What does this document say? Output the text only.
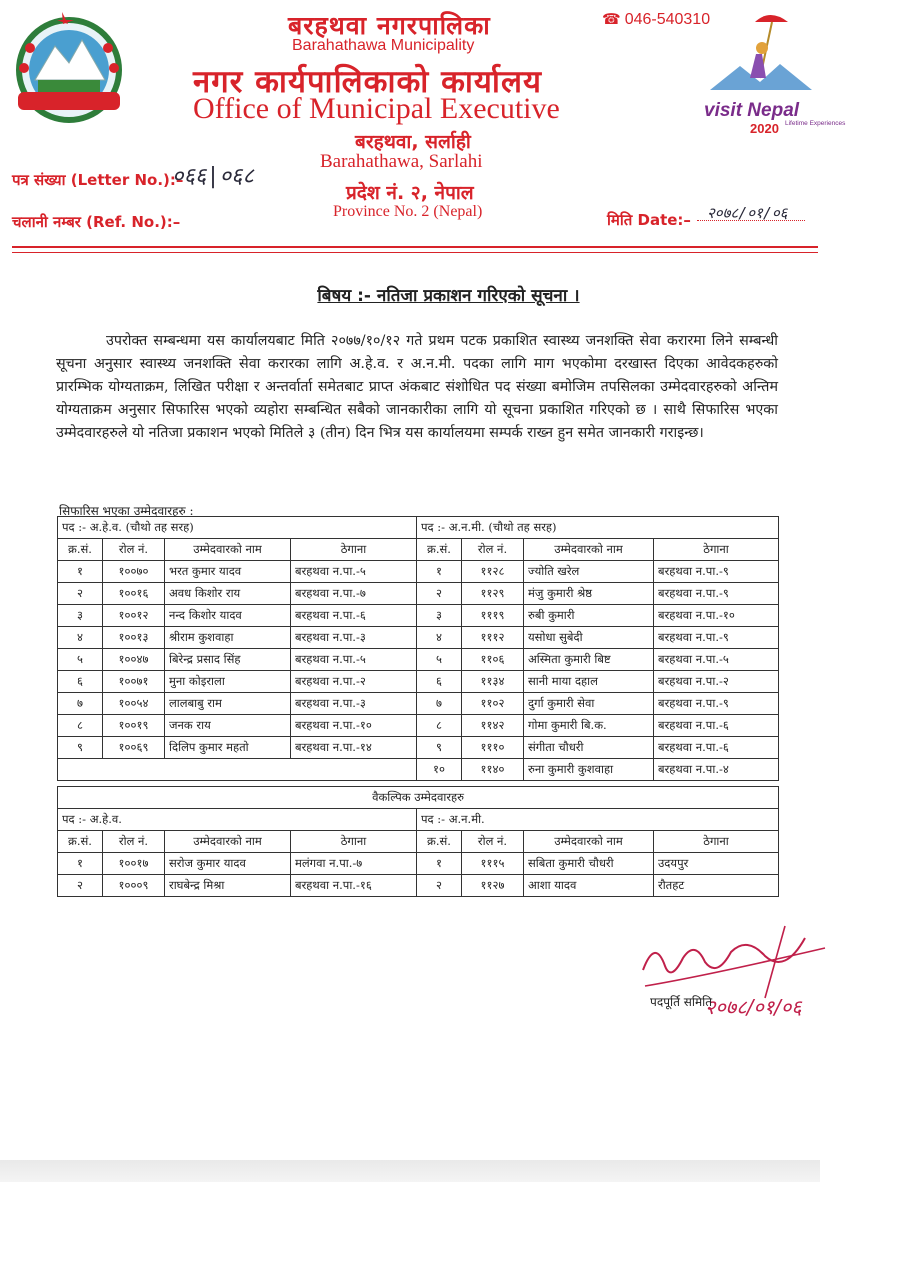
बरहथवा नगरपालिका
Barahathawa Municipality
नगर कार्यपालिकाको कार्यालय
Office of Municipal Executive
बरहथवा, सर्लाही
Barahathawa, Sarlahi
प्रदेश नं. २, नेपाल
Province No. 2 (Nepal)
☎ 046-540310
visit Nepal
2020 Lifetime Experiences
पत्र संख्या (Letter No.):–
०६६|०६८
चलानी नम्बर (Ref. No.):–	मिति Date:– २०७८/०१/०६
बिषय :- नतिजा प्रकाशन गरिएको सूचना ।
उपरोक्त सम्बन्धमा यस कार्यालयबाट मिति २०७७/१०/१२ गते प्रथम पटक प्रकाशित स्वास्थ्य जनशक्ति सेवा करारमा लिने सम्बन्धी सूचना अनुसार स्वास्थ्य जनशक्ति सेवा करारका लागि अ.हे.व. र अ.न.मी. पदका लागि माग भएकोमा दरखास्त दिएका आवेदकहरुको प्रारम्भिक योग्यताक्रम, लिखित परीक्षा र अन्तर्वार्ता समेतबाट प्राप्त अंकबाट संशोधित पद संख्या बमोजिम तपसिलका उम्मेदवारहरुको अन्तिम योग्यताक्रम अनुसार सिफारिस भएको व्यहोरा सम्बन्धित सबैको जानकारीका लागि यो सूचना प्रकाशित गरिएको छ । साथै सिफारिस भएका उम्मेदवारहरुले यो नतिजा प्रकाशन भएको मितिले ३ (तीन) दिन भित्र यस कार्यालयमा सम्पर्क राख्न हुन समेत जानकारी गराइन्छ।
सिफारिस भएका उम्मेदवारहरु :
पद :- अ.हे.व. (चौथो तह सरह)				पद :- अ.न.मी. (चौथो तह सरह)			
क्र.सं.	रोल नं.	उम्मेदवारको नाम	ठेगाना	क्र.सं.	रोल नं.	उम्मेदवारको नाम	ठेगाना
१	१००७०	भरत कुमार यादव	बरहथवा न.पा.-५	१	११२८	ज्योति खरेल	बरहथवा न.पा.-९
२	१००१६	अवध किशोर राय	बरहथवा न.पा.-७	२	११२९	मंजु कुमारी श्रेष्ठ	बरहथवा न.पा.-९
३	१००१२	नन्द किशोर यादव	बरहथवा न.पा.-६	३	१११९	रुबी कुमारी	बरहथवा न.पा.-१०
४	१००१३	श्रीराम कुशवाहा	बरहथवा न.पा.-३	४	१११२	यसोधा सुबेदी	बरहथवा न.पा.-९
५	१००४७	बिरेन्द्र प्रसाद सिंह	बरहथवा न.पा.-५	५	११०६	अस्मिता कुमारी बिष्ट	बरहथवा न.पा.-५
६	१००७१	मुना कोइराला	बरहथवा न.पा.-२	६	११३४	सानी माया दहाल	बरहथवा न.पा.-२
७	१००५४	लालबाबु राम	बरहथवा न.पा.-३	७	११०२	दुर्गा कुमारी सेवा	बरहथवा न.पा.-९
८	१००१९	जनक राय	बरहथवा न.पा.-१०	८	११४२	गोमा कुमारी बि.क.	बरहथवा न.पा.-६
९	१००६९	दिलिप कुमार महतो	बरहथवा न.पा.-१४	९	१११०	संगीता चौधरी	बरहथवा न.पा.-६
				१०	११४०	रुना कुमारी कुशवाहा	बरहथवा न.पा.-४
वैकल्पिक उम्मेदवारहरु							
पद :- अ.हे.व.				पद :- अ.न.मी.			
क्र.सं.	रोल नं.	उम्मेदवारको नाम	ठेगाना	क्र.सं.	रोल नं.	उम्मेदवारको नाम	ठेगाना
१	१००१७	सरोज कुमार यादव	मलंगवा न.पा.-७	१	१११५	सबिता कुमारी चौधरी	उदयपुर
२	१०००९	राघबेन्द्र मिश्रा	बरहथवा न.पा.-१६	२	११२७	आशा यादव	रौतहट
२०७८/०१/०६
पदपूर्ति समिति
